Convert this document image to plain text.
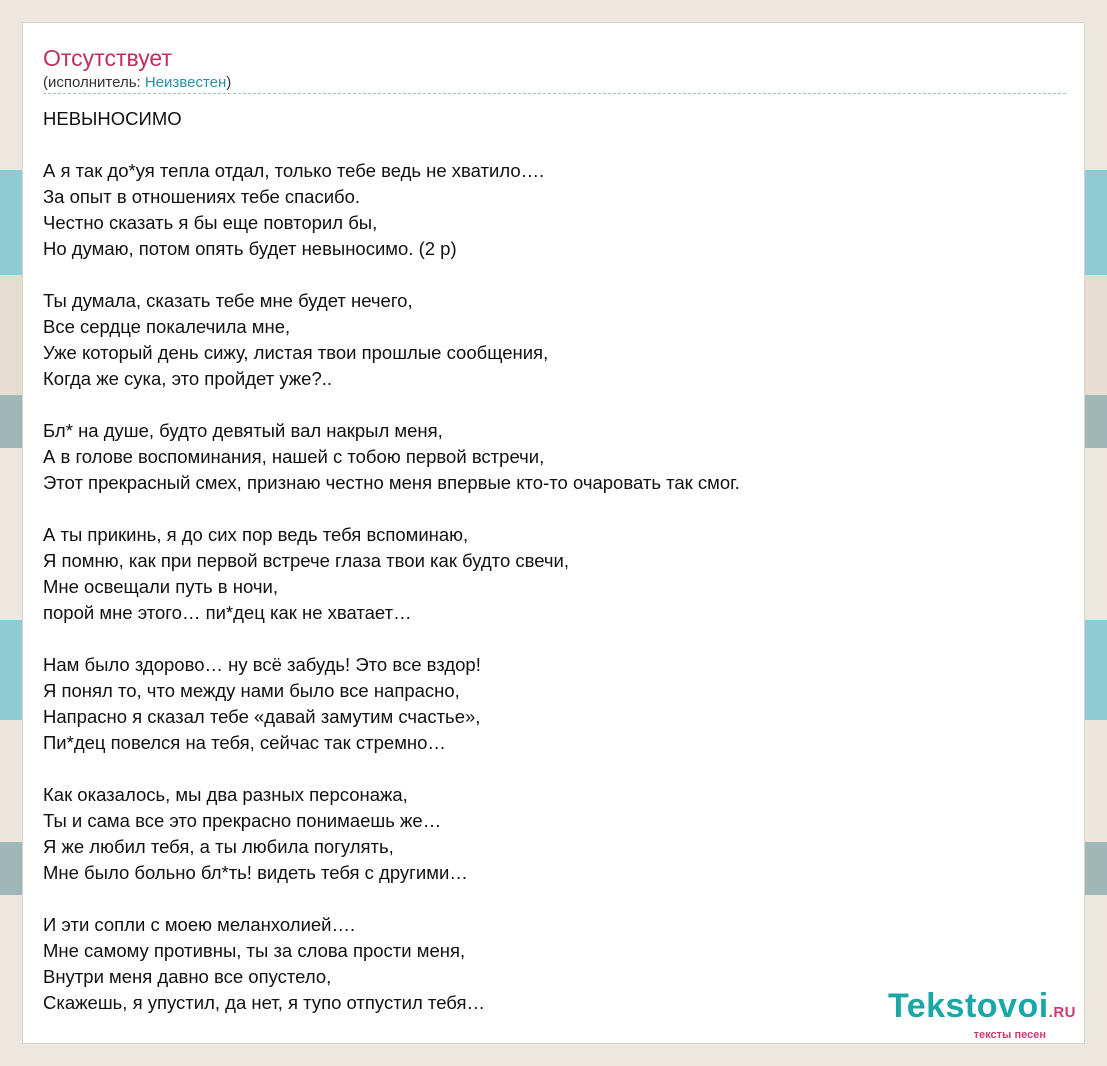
Отсутствует
(исполнитель: Неизвестен)
НЕВЫНОСИМО
А я так до*уя тепла отдал, только тебе ведь не хватило….
За опыт в отношениях тебе спасибо.
Честно сказать я бы еще повторил бы,
Но думаю, потом опять будет невыносимо. (2 р)
Ты думала, сказать тебе мне будет нечего,
Все сердце покалечила мне,
Уже который день сижу, листая твои прошлые сообщения,
Когда же сука, это пройдет уже?..
Бл* на душе, будто девятый вал накрыл меня,
А в голове воспоминания, нашей с тобою первой встречи,
Этот прекрасный смех, признаю честно меня впервые кто-то очаровать так смог.
А ты прикинь, я до сих пор ведь тебя вспоминаю,
Я помню, как при первой встрече глаза твои как будто свечи,
Мне освещали путь в ночи,
порой мне этого… пи*дец как не хватает…
Нам было здорово… ну всё забудь! Это все вздор!
Я понял то, что между нами было все напрасно,
Напрасно я сказал тебе «давай замутим счастье»,
Пи*дец повелся на тебя, сейчас так стремно…
Как оказалось, мы два разных персонажа,
Ты и сама все это прекрасно понимаешь же…
Я же любил тебя, а ты любила погулять,
Мне было больно бл*ть! видеть тебя с другими…
И эти сопли с моею меланхолией….
Мне самому противны, ты за слова прости меня,
Внутри меня давно все опустело,
Скажешь, я упустил, да нет, я тупо отпустил тебя…	Tekstovoi.RU
тексты песен
